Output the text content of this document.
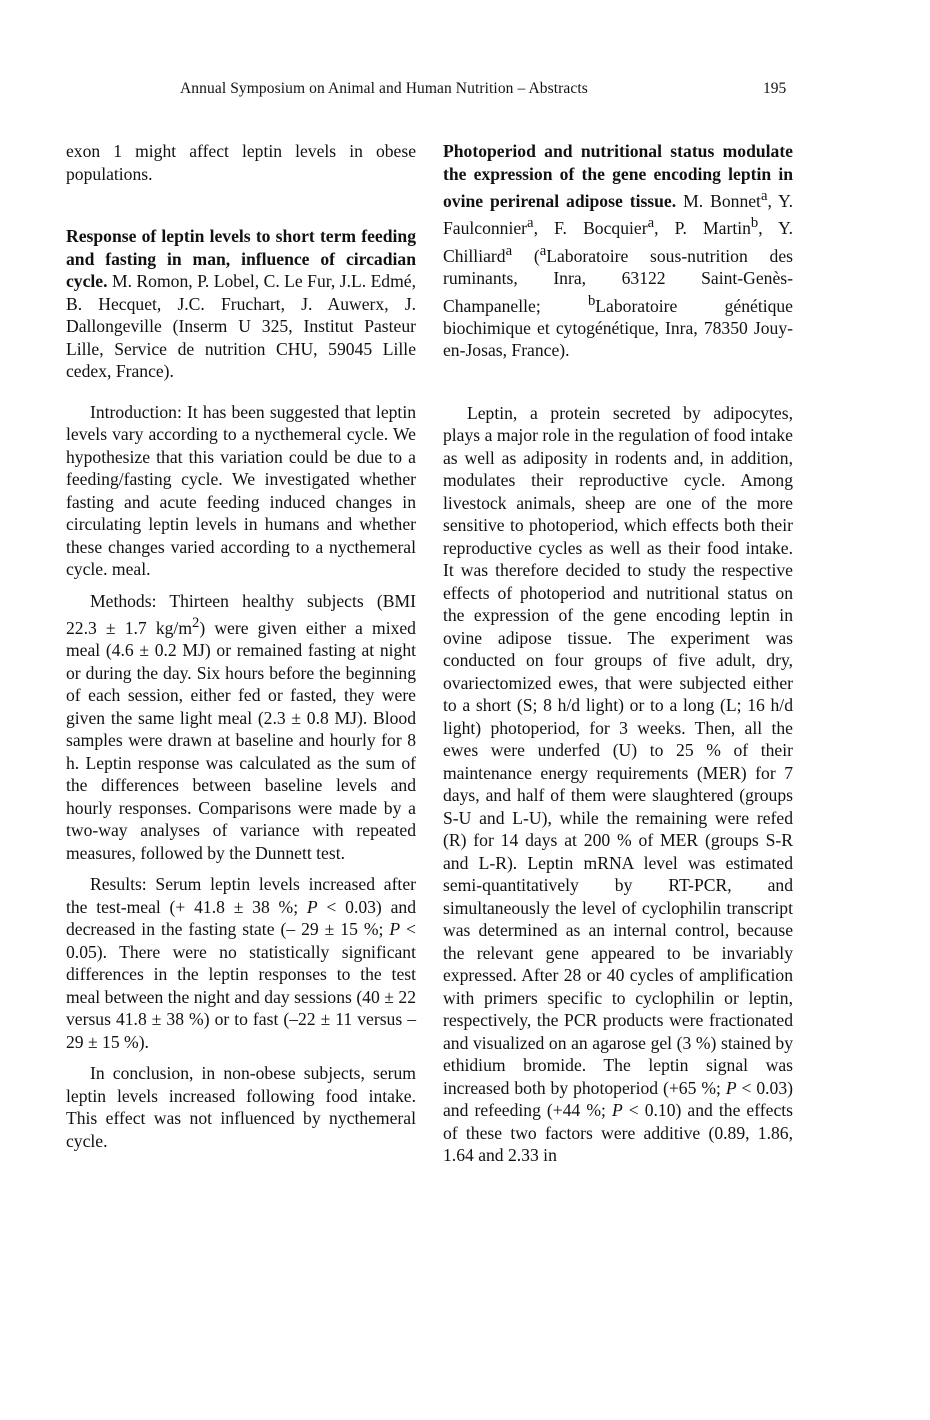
Annual Symposium on Animal and Human Nutrition – Abstracts	195

exon 1 might affect leptin levels in obese populations.

Response of leptin levels to short term feeding and fasting in man, influence of circadian cycle. M. Romon, P. Lobel, C. Le Fur, J.L. Edmé, B. Hecquet, J.C. Fruchart, J. Auwerx, J. Dallongeville (Inserm U 325, Institut Pasteur Lille, Service de nutrition CHU, 59045 Lille cedex, France).

Introduction: It has been suggested that leptin levels vary according to a nycthemeral cycle. We hypothesize that this variation could be due to a feeding/fasting cycle. We investigated whether fasting and acute feeding induced changes in circulating leptin levels in humans and whether these changes varied according to a nycthemeral cycle. meal.

Methods: Thirteen healthy subjects (BMI 22.3 ± 1.7 $kg/m^2$) were given either a mixed meal (4.6 ± 0.2 MJ) or remained fasting at night or during the day. Six hours before the beginning of each session, either fed or fasted, they were given the same light meal (2.3 ± 0.8 MJ). Blood samples were drawn at baseline and hourly for 8 h. Leptin response was calculated as the sum of the differences between baseline levels and hourly responses. Comparisons were made by a two-way analyses of variance with repeated measures, followed by the Dunnett test.

Results: Serum leptin levels increased after the test-meal (+ 41.8 ± 38 %; P < 0.03) and decreased in the fasting state (– 29 ± 15 %; P < 0.05). There were no statistically significant differences in the leptin responses to the test meal between the night and day sessions (40 ± 22 versus 41.8 ± 38 %) or to fast (–22 ± 11 versus –29 ± 15 %).

In conclusion, in non-obese subjects, serum leptin levels increased following food intake. This effect was not influenced by nycthemeral cycle.

Photoperiod and nutritional status modulate the expression of the gene encoding leptin in ovine perirenal adipose tissue. M. Bonnet$^a$, Y. Faulconnier$^a$, F. Bocquier$^a$, P. Martin$^b$, Y. Chilliard$^a$ ($^a$Laboratoire sous-nutrition des ruminants, Inra, 63122 Saint-Genès-Champanelle; $^b$Laboratoire génétique biochimique et cytogénétique, Inra, 78350 Jouy-en-Josas, France).

Leptin, a protein secreted by adipocytes, plays a major role in the regulation of food intake as well as adiposity in rodents and, in addition, modulates their reproductive cycle. Among livestock animals, sheep are one of the more sensitive to photoperiod, which effects both their reproductive cycles as well as their food intake. It was therefore decided to study the respective effects of photoperiod and nutritional status on the expression of the gene encoding leptin in ovine adipose tissue. The experiment was conducted on four groups of five adult, dry, ovariectomized ewes, that were subjected either to a short (S; 8 h/d light) or to a long (L; 16 h/d light) photoperiod, for 3 weeks. Then, all the ewes were underfed (U) to 25 % of their maintenance energy requirements (MER) for 7 days, and half of them were slaughtered (groups S-U and L-U), while the remaining were refed (R) for 14 days at 200 % of MER (groups S-R and L-R). Leptin mRNA level was estimated semi-quantitatively by RT-PCR, and simultaneously the level of cyclophilin transcript was determined as an internal control, because the relevant gene appeared to be invariably expressed. After 28 or 40 cycles of amplification with primers specific to cyclophilin or leptin, respectively, the PCR products were fractionated and visualized on an agarose gel (3 %) stained by ethidium bromide. The leptin signal was increased both by photoperiod (+65 %; P < 0.03) and refeeding (+44 %; P < 0.10) and the effects of these two factors were additive (0.89, 1.86, 1.64 and 2.33 in
